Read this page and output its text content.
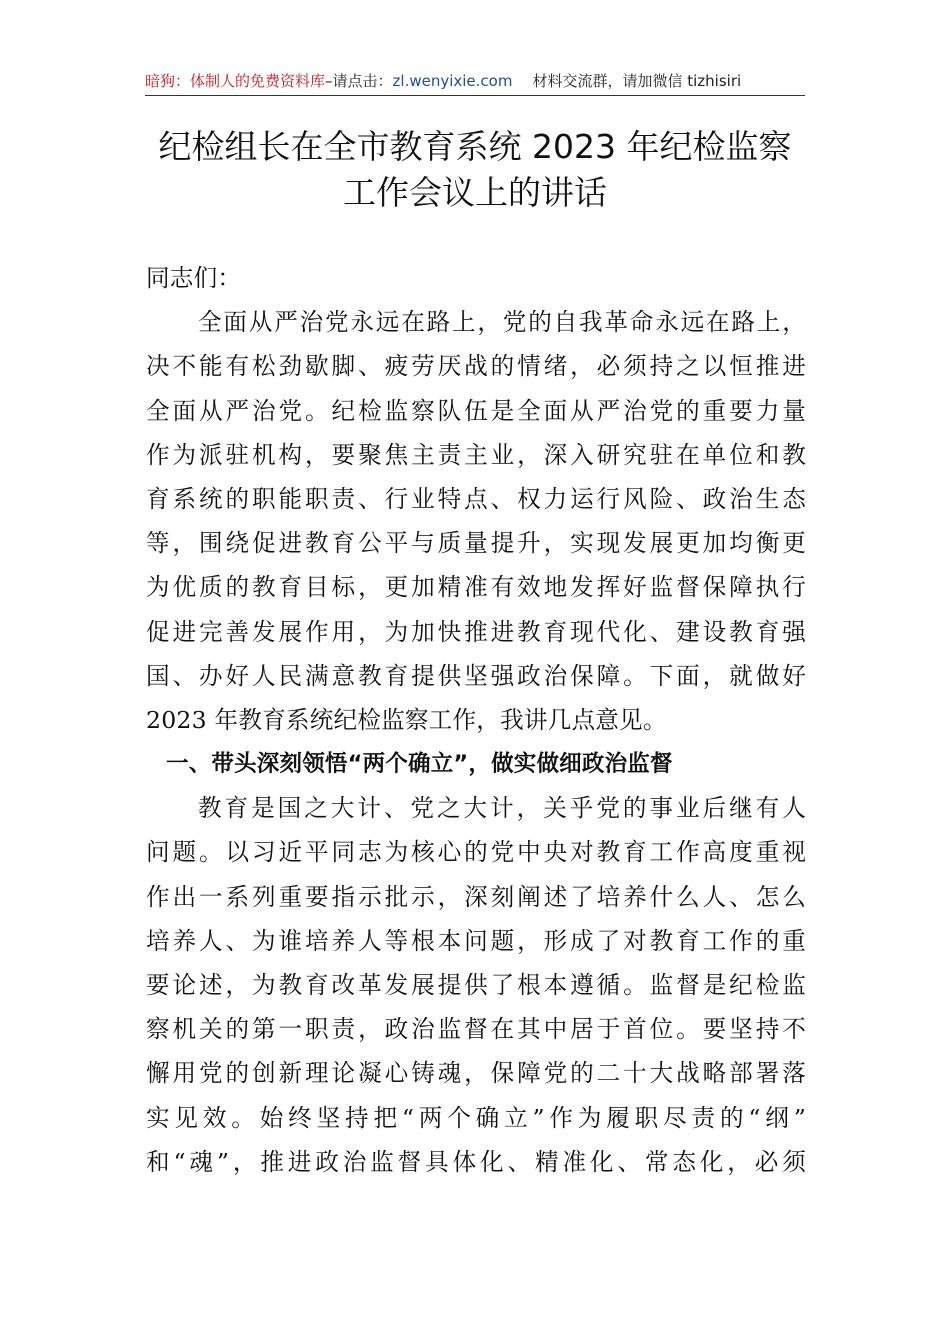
暗狗：体制人的免费资料库–请点击：zl.wenyixie.com 材料交流群，请加微信 tizhisiri
纪检组长在全市教育系统 2023 年纪检监察
工作会议上的讲话
同志们：
全面从严治党永远在路上，党的自我革命永远在路上，
决不能有松劲歇脚、疲劳厌战的情绪，必须持之以恒推进
全面从严治党。纪检监察队伍是全面从严治党的重要力量
作为派驻机构，要聚焦主责主业，深入研究驻在单位和教
育系统的职能职责、行业特点、权力运行风险、政治生态
等，围绕促进教育公平与质量提升，实现发展更加均衡更
为优质的教育目标，更加精准有效地发挥好监督保障执行
促进完善发展作用，为加快推进教育现代化、建设教育强
国、办好人民满意教育提供坚强政治保障。下面，就做好
2023 年教育系统纪检监察工作，我讲几点意见。
一、带头深刻领悟“两个确立”，做实做细政治监督
教育是国之大计、党之大计，关乎党的事业后继有人
问题。以习近平同志为核心的党中央对教育工作高度重视
作出一系列重要指示批示，深刻阐述了培养什么人、怎么
培养人、为谁培养人等根本问题，形成了对教育工作的重
要论述，为教育改革发展提供了根本遵循。监督是纪检监
察机关的第一职责，政治监督在其中居于首位。要坚持不
懈用党的创新理论凝心铸魂，保障党的二十大战略部署落
实见效。始终坚持把“两个确立”作为履职尽责的“纲”
和“魂”，推进政治监督具体化、精准化、常态化，必须
